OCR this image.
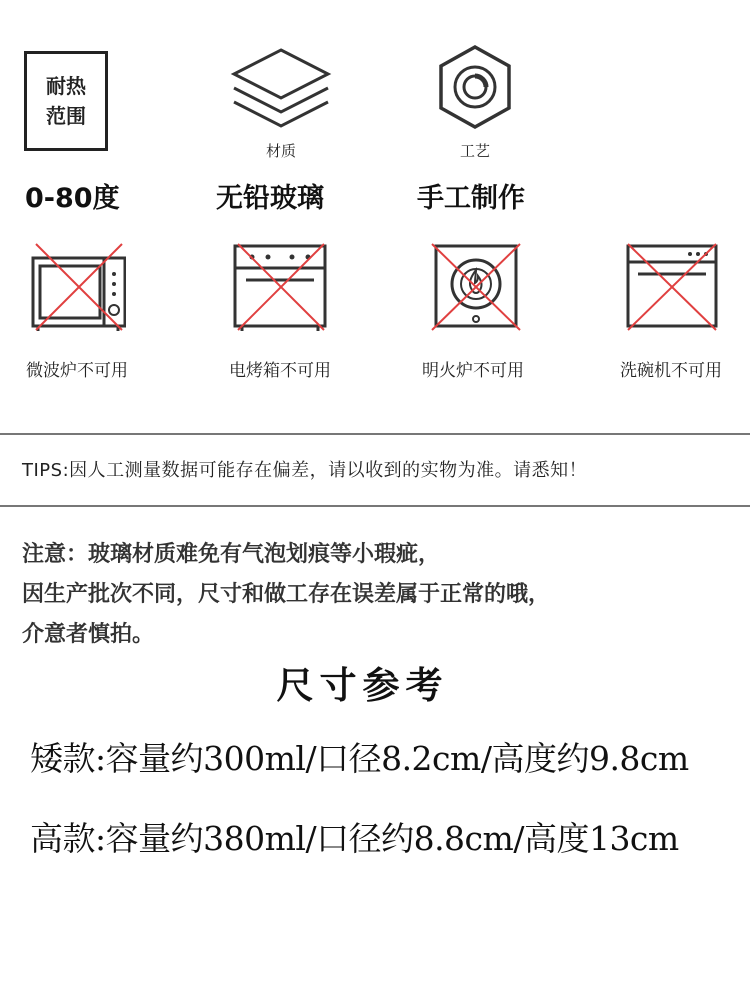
耐热
范围
0-80度
材质
无铅玻璃
工艺
手工制作
微波炉不可用	电烤箱不可用	明火炉不可用	洗碗机不可用
TIPS:因人工测量数据可能存在偏差，请以收到的实物为准。请悉知！
注意：玻璃材质难免有气泡划痕等小瑕疵，
因生产批次不同，尺寸和做工存在误差属于正常的哦，
介意者慎拍。
尺寸参考
矮款:容量约300ml/口径8.2cm/高度约9.8cm
高款:容量约380ml/口径约8.8cm/高度13cm
